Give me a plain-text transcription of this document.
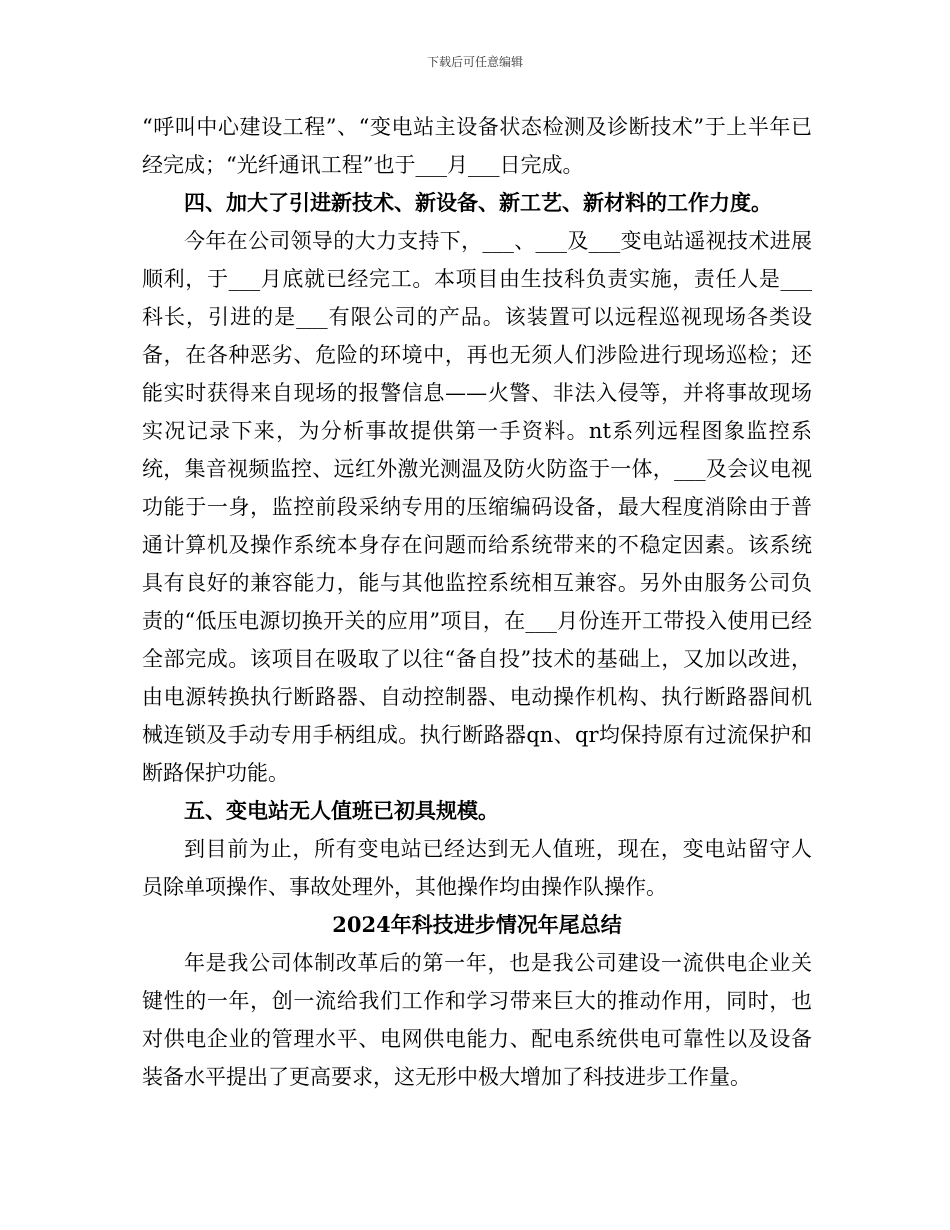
下载后可任意编辑

“呼叫中心建设工程”、“变电站主设备状态检测及诊断技术”于上半年已经完成；“光纤通讯工程”也于___月___日完成。

四、加大了引进新技术、新设备、新工艺、新材料的工作力度。

今年在公司领导的大力支持下，___、___及___变电站遥视技术进展顺利，于___月底就已经完工。本项目由生技科负责实施，责任人是___科长，引进的是___有限公司的产品。该装置可以远程巡视现场各类设备，在各种恶劣、危险的环境中，再也无须人们涉险进行现场巡检；还能实时获得来自现场的报警信息——火警、非法入侵等，并将事故现场实况记录下来，为分析事故提供第一手资料。nt系列远程图象监控系统，集音视频监控、远红外激光测温及防火防盗于一体，___及会议电视功能于一身，监控前段采纳专用的压缩编码设备，最大程度消除由于普通计算机及操作系统本身存在问题而给系统带来的不稳定因素。该系统具有良好的兼容能力，能与其他监控系统相互兼容。另外由服务公司负责的“低压电源切换开关的应用”项目，在___月份连开工带投入使用已经全部完成。该项目在吸取了以往“备自投”技术的基础上，又加以改进，由电源转换执行断路器、自动控制器、电动操作机构、执行断路器间机械连锁及手动专用手柄组成。执行断路器qn、qr均保持原有过流保护和断路保护功能。

五、变电站无人值班已初具规模。

到目前为止，所有变电站已经达到无人值班，现在，变电站留守人员除单项操作、事故处理外，其他操作均由操作队操作。

2024年科技进步情况年尾总结

年是我公司体制改革后的第一年，也是我公司建设一流供电企业关键性的一年，创一流给我们工作和学习带来巨大的推动作用，同时，也对供电企业的管理水平、电网供电能力、配电系统供电可靠性以及设备装备水平提出了更高要求，这无形中极大增加了科技进步工作量。
